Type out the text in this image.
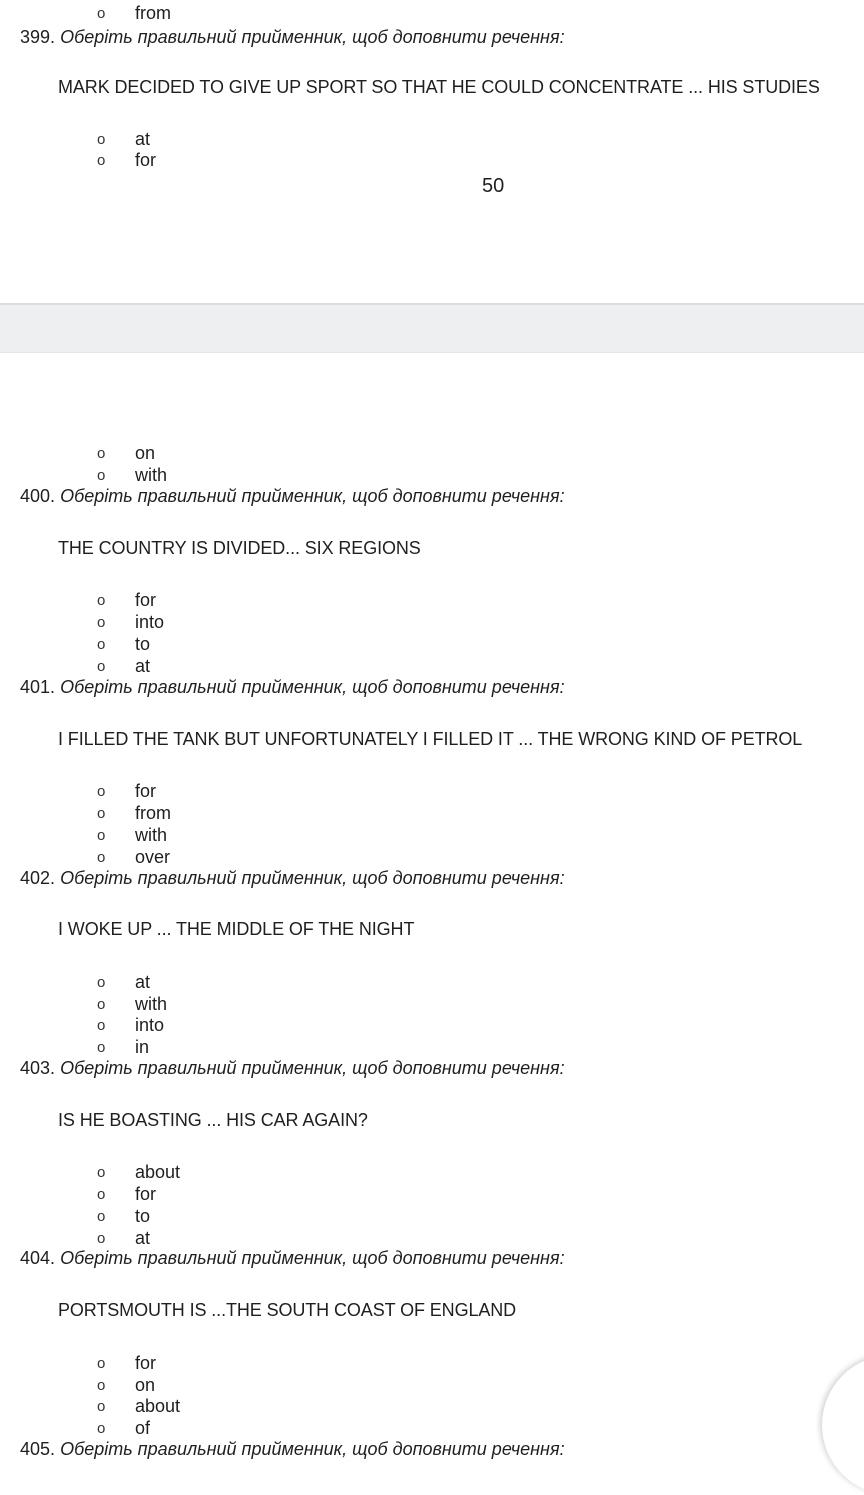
o from
399. Оберіть правильний прийменник, щоб доповнити речення:
MARK DECIDED TO GIVE UP SPORT SO THAT HE COULD CONCENTRATE ... HIS STUDIES
o at
o for
50
o on
o with
400. Оберіть правильний прийменник, щоб доповнити речення:
THE COUNTRY IS DIVIDED... SIX REGIONS
o for
o into
o to
o at
401. Оберіть правильний прийменник, щоб доповнити речення:
I FILLED THE TANK BUT UNFORTUNATELY I FILLED IT ... THE WRONG KIND OF PETROL
o for
o from
o with
o over
402. Оберіть правильний прийменник, щоб доповнити речення:
I WOKE UP ... THE MIDDLE OF THE NIGHT
o at
o with
o into
o in
403. Оберіть правильний прийменник, щоб доповнити речення:
IS HE BOASTING ... HIS CAR AGAIN?
o about
o for
o to
o at
404. Оберіть правильний прийменник, щоб доповнити речення:
PORTSMOUTH IS ...THE SOUTH COAST OF ENGLAND
o for
o on
o about
o of
405. Оберіть правильний прийменник, щоб доповнити речення:
